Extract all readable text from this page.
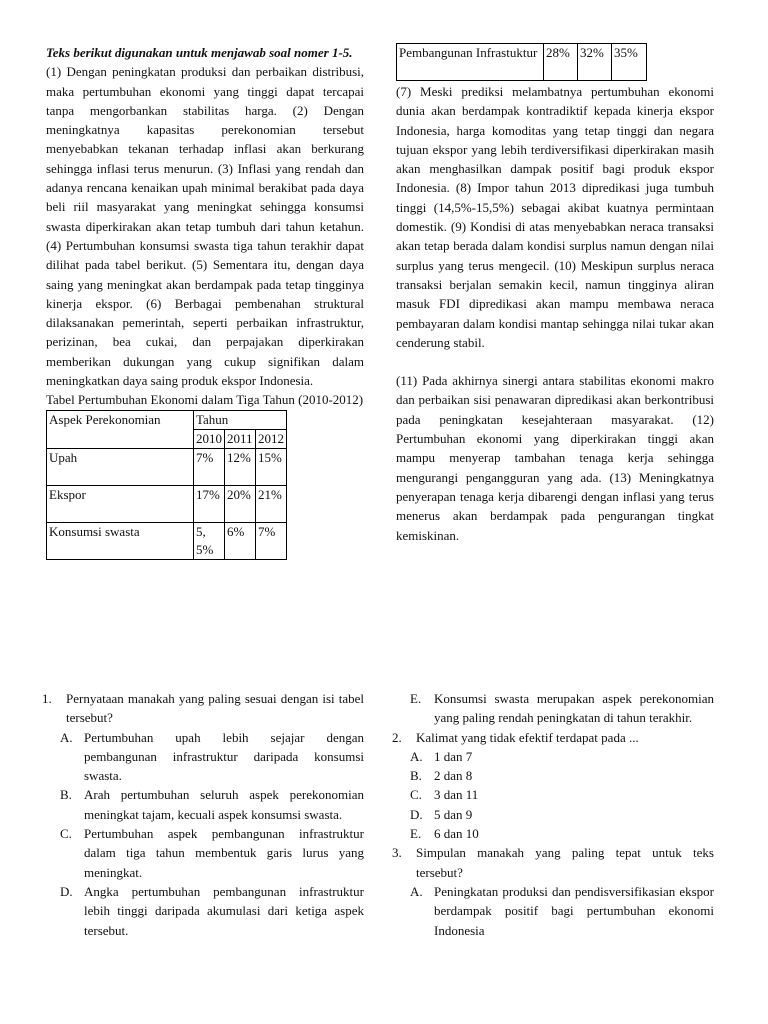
Teks berikut digunakan untuk menjawab soal nomer 1-5.

(1) Dengan peningkatan produksi dan perbaikan distribusi, maka pertumbuhan ekonomi yang tinggi dapat tercapai tanpa mengorbankan stabilitas harga. (2) Dengan meningkatnya kapasitas perekonomian tersebut menyebabkan tekanan terhadap inflasi akan berkurang sehingga inflasi terus menurun. (3) Inflasi yang rendah dan adanya rencana kenaikan upah minimal berakibat pada daya beli riil masyarakat yang meningkat sehingga konsumsi swasta diperkirakan akan tetap tumbuh dari tahun ketahun. (4) Pertumbuhan konsumsi swasta tiga tahun terakhir dapat dilihat pada tabel berikut. (5) Sementara itu, dengan daya saing yang meningkat akan berdampak pada tetap tingginya kinerja ekspor. (6) Berbagai pembenahan struktural dilaksanakan pemerintah, seperti perbaikan infrastruktur, perizinan, bea cukai, dan perpajakan diperkirakan memberikan dukungan yang cukup signifikan dalam meningkatkan daya saing produk ekspor Indonesia.

Tabel Pertumbuhan Ekonomi dalam Tiga Tahun (2010-2012)

Aspek Perekonomian	Tahun		
	2010	2011	2012
Upah	7%	12%	15%
Ekspor	17%	20%	21%
Konsumsi swasta	5,5%	6%	7%
Pembangunan Infrastuktur	28%	32%	35%

(7) Meski prediksi melambatnya pertumbuhan ekonomi dunia akan berdampak kontradiktif kepada kinerja ekspor Indonesia, harga komoditas yang tetap tinggi dan negara tujuan ekspor yang lebih terdiversifikasi diperkirakan masih akan menghasilkan dampak positif bagi produk ekspor Indonesia. (8) Impor tahun 2013 dipredikasi juga tumbuh tinggi (14,5%-15,5%) sebagai akibat kuatnya permintaan domestik. (9) Kondisi di atas menyebabkan neraca transaksi akan tetap berada dalam kondisi surplus namun dengan nilai surplus yang terus mengecil. (10) Meskipun surplus neraca transaksi berjalan semakin kecil, namun tingginya aliran masuk FDI dipredikasi akan mampu membawa neraca pembayaran dalam kondisi mantap sehingga nilai tukar akan cenderung stabil.

(11) Pada akhirnya sinergi antara stabilitas ekonomi makro dan perbaikan sisi penawaran dipredikasi akan berkontribusi pada peningkatan kesejahteraan masyarakat. (12) Pertumbuhan ekonomi yang diperkirakan tinggi akan mampu menyerap tambahan tenaga kerja sehingga mengurangi pengangguran yang ada. (13) Meningkatnya penyerapan tenaga kerja dibarengi dengan inflasi yang terus menerus akan berdampak pada pengurangan tingkat kemiskinan.

1. Pernyataan manakah yang paling sesuai dengan isi tabel tersebut?
A. Pertumbuhan upah lebih sejajar dengan pembangunan infrastruktur daripada konsumsi swasta.
B. Arah pertumbuhan seluruh aspek perekonomian meningkat tajam, kecuali aspek konsumsi swasta.
C. Pertumbuhan aspek pembangunan infrastruktur dalam tiga tahun membentuk garis lurus yang meningkat.
D. Angka pertumbuhan pembangunan infrastruktur lebih tinggi daripada akumulasi dari ketiga aspek tersebut.
E. Konsumsi swasta merupakan aspek perekonomian yang paling rendah peningkatan di tahun terakhir.
2. Kalimat yang tidak efektif terdapat pada ...
A. 1 dan 7
B. 2 dan 8
C. 3 dan 11
D. 5 dan 9
E. 6 dan 10
3. Simpulan manakah yang paling tepat untuk teks tersebut?
A. Peningkatan produksi dan pendisversifikasian ekspor berdampak positif bagi pertumbuhan ekonomi Indonesia
